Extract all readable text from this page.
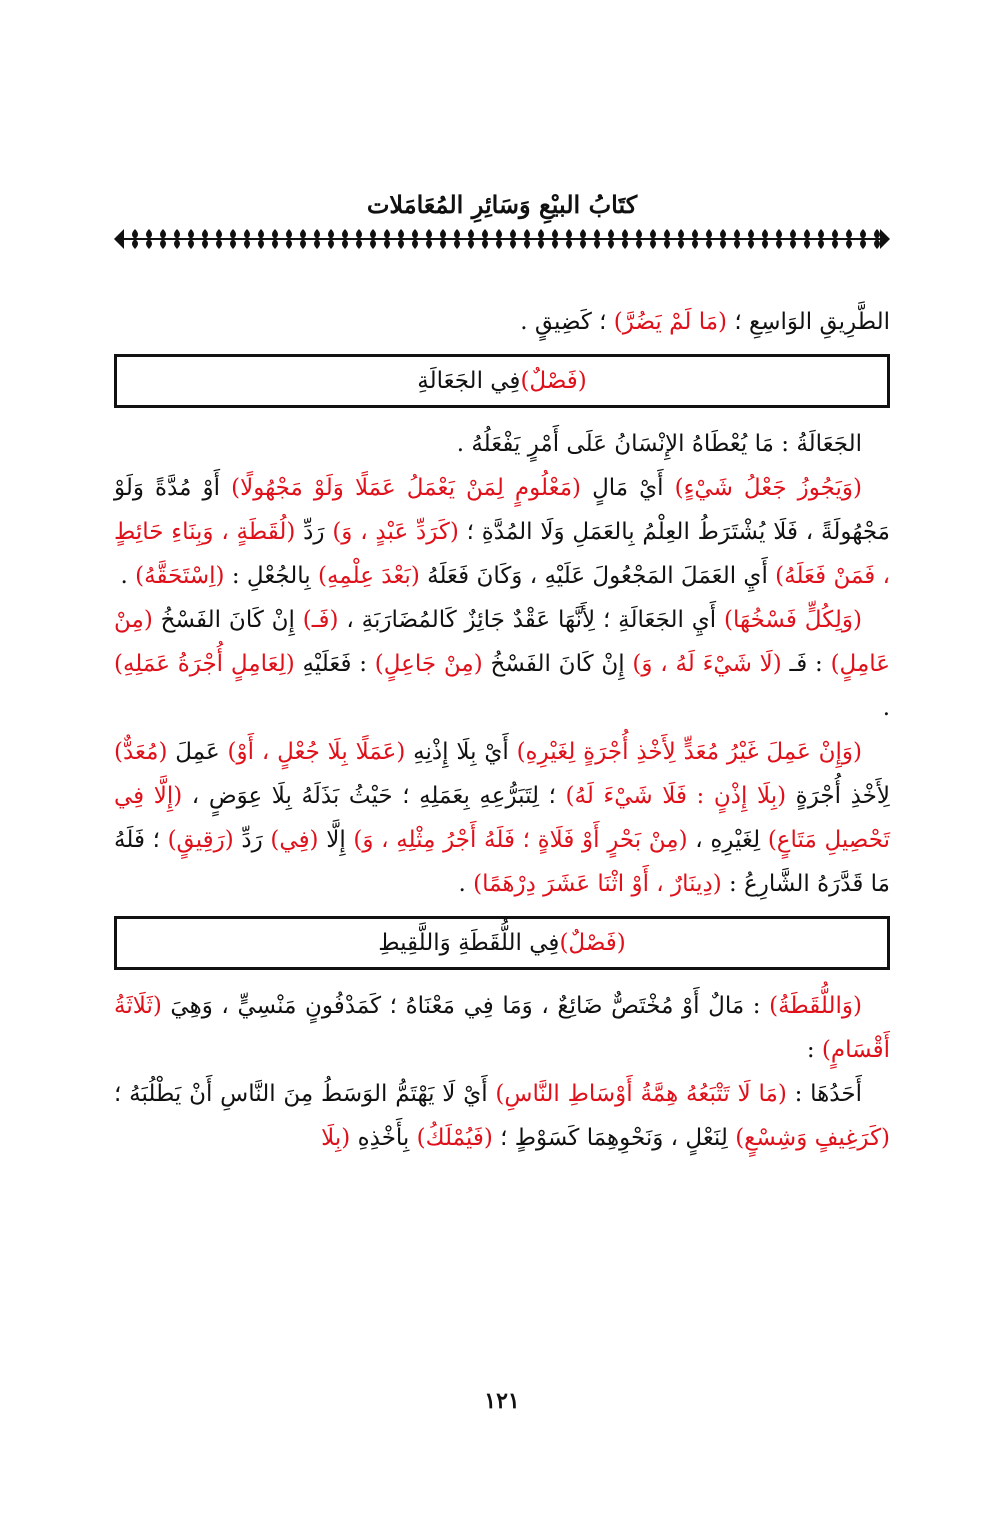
كتَابُ البيْعِ وَسَائِرِ المُعَامَلات

الطَّرِيقِ الوَاسِعِ ؛ (مَا لَمْ يَضُرَّ) ؛ كَضِيقٍ .

(فَصْلٌ)
فِي الجَعَالَةِ

الجَعَالَةُ : مَا يُعْطَاهُ الإِنْسَانُ عَلَى أَمْرٍ يَفْعَلُهُ .

(وَيَجُوزُ جَعْلُ شَيْءٍ) أَيْ مَالٍ (مَعْلُومٍ لِمَنْ يَعْمَلُ عَمَلًا وَلَوْ مَجْهُولًا) أَوْ مُدَّةً وَلَوْ مَجْهُولَةً ، فَلَا يُشْتَرَطُ العِلْمُ بِالعَمَلِ وَلَا المُدَّةِ ؛ (كَرَدِّ عَبْدٍ ، وَ) رَدِّ (لُقَطَةٍ ، وَبِنَاءِ حَائِطٍ ، فَمَنْ فَعَلَهُ) أَيِ العَمَلَ المَجْعُولَ عَلَيْهِ ، وَكَانَ فَعَلَهُ (بَعْدَ عِلْمِهِ) بِالجُعْلِ : (اِسْتَحَقَّهُ) .

(وَلِكُلٍّ فَسْخُهَا) أَيِ الجَعَالَةِ ؛ لِأَنَّهَا عَقْدٌ جَائِزٌ كَالمُضَارَبَةِ ، (فَـ) إِنْ كَانَ الفَسْخُ (مِنْ عَامِلٍ) : فَـ (لَا شَيْءَ لَهُ ، وَ) إِنْ كَانَ الفَسْخُ (مِنْ جَاعِلٍ) : فَعَلَيْهِ (لِعَامِلٍ أُجْرَةُ عَمَلِهِ) .

(وَإِنْ عَمِلَ غَيْرُ مُعَدٍّ لِأَخْذِ أُجْرَةٍ لِغَيْرِهِ) أَيْ بِلَا إِذْنِهِ (عَمَلًا بِلَا جُعْلٍ ، أَوْ) عَمِلَ (مُعَدٌّ) لِأَخْذِ أُجْرَةٍ (بِلَا إِذْنٍ : فَلَا شَيْءَ لَهُ) ؛ لِتَبَرُّعِهِ بِعَمَلِهِ ؛ حَيْثُ بَذَلَهُ بِلَا عِوَضٍ ، (إِلَّا فِي تَحْصِيلِ مَتَاعٍ) لِغَيْرِهِ ، (مِنْ بَحْرٍ أَوْ فَلَاةٍ ؛ فَلَهُ أَجْرُ مِثْلِهِ ، وَ) إِلَّا (فِي) رَدِّ (رَقِيقٍ) ؛ فَلَهُ مَا قَدَّرَهُ الشَّارِعُ : (دِينَارٌ ، أَوْ اثْنَا عَشَرَ دِرْهَمًا) .

(فَصْلٌ)
فِي اللُّقَطَةِ وَاللَّقِيطِ

(وَاللُّقَطَةُ) : مَالٌ أَوْ مُخْتَصٌّ ضَائِعٌ ، وَمَا فِي مَعْنَاهُ ؛ كَمَدْفُونٍ مَنْسِيٍّ ، وَهِيَ (ثَلَاثَةُ أَقْسَامٍ) :

أَحَدُهَا : (مَا لَا تَتْبَعُهُ هِمَّةُ أَوْسَاطِ النَّاسِ) أَيْ لَا يَهْتَمُّ الوَسَطُ مِنَ النَّاسِ أَنْ يَطْلُبَهُ ؛ (كَرَغِيفٍ وَشِسْعٍ) لِنَعْلٍ ، وَنَحْوِهِمَا كَسَوْطٍ ؛ (فَيُمْلَكُ) بِأَخْذِهِ (بِلَا

١٢١
